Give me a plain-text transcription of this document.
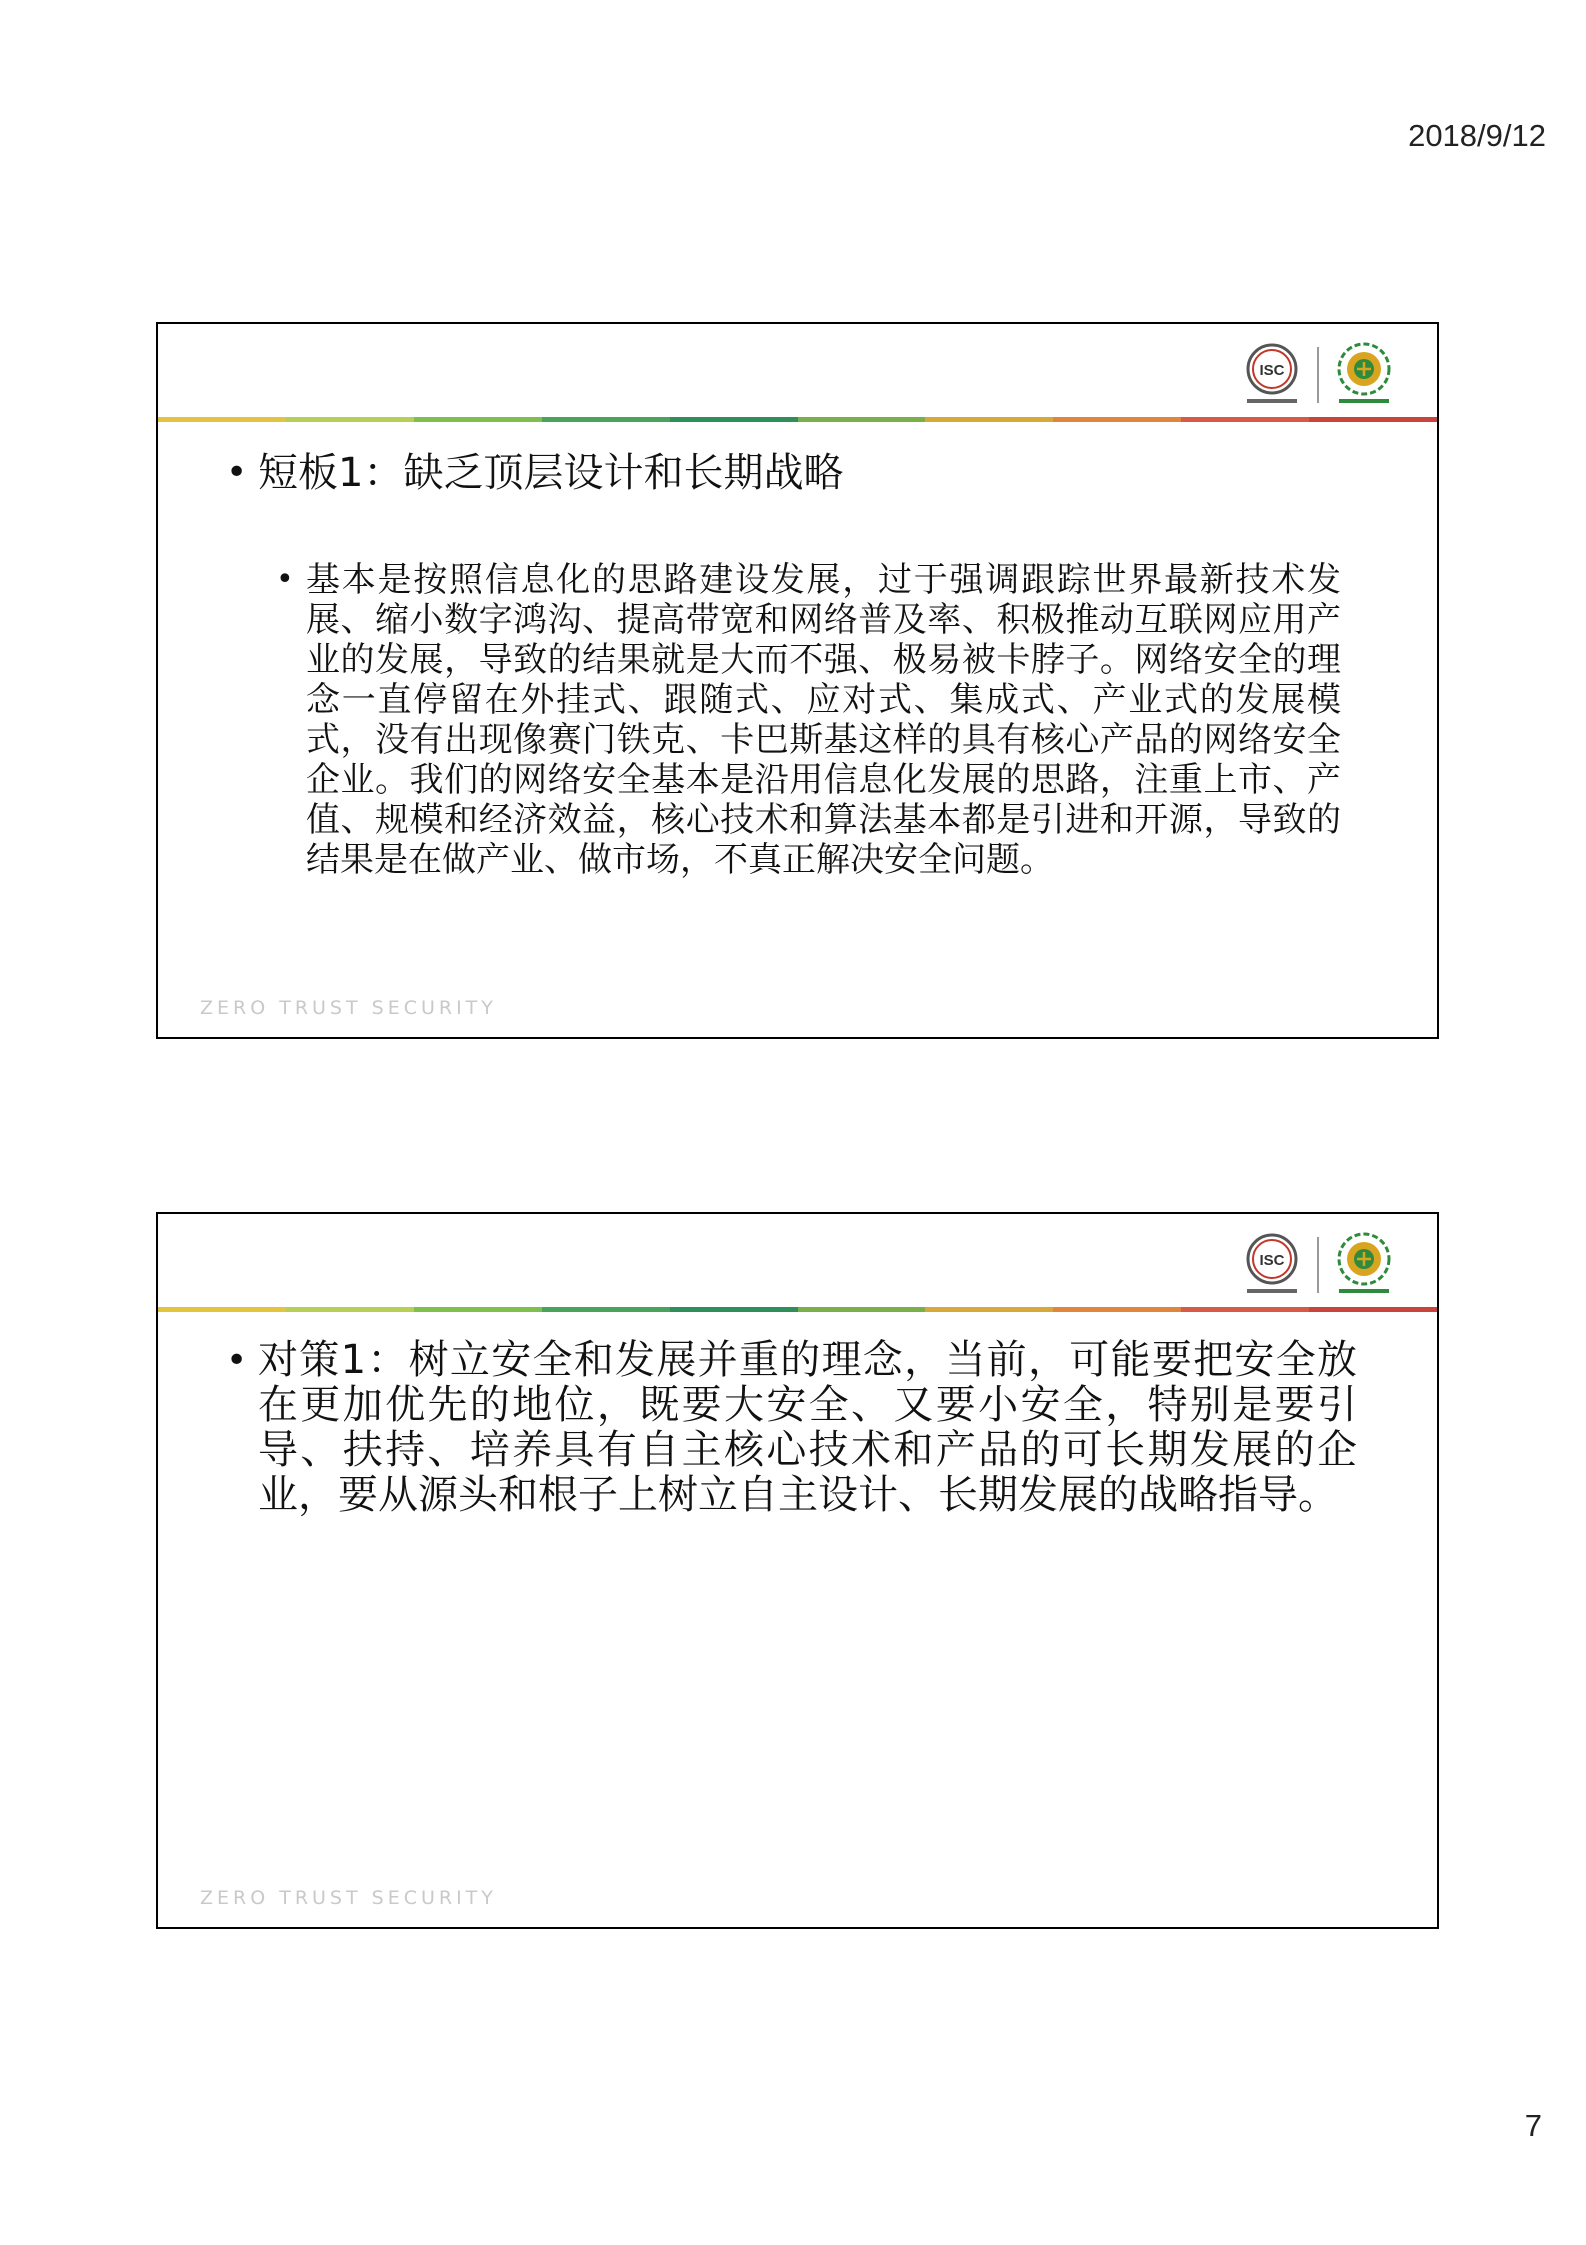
2018/9/12
ISC
• 短板1：缺乏顶层设计和长期战略
• 基本是按照信息化的思路建设发展，过于强调跟踪世界最新技术发展、缩小数字鸿沟、提高带宽和网络普及率、积极推动互联网应用产业的发展，导致的结果就是大而不强、极易被卡脖子。网络安全的理念一直停留在外挂式、跟随式、应对式、集成式、产业式的发展模式，没有出现像赛门铁克、卡巴斯基这样的具有核心产品的网络安全企业。我们的网络安全基本是沿用信息化发展的思路，注重上市、产值、规模和经济效益，核心技术和算法基本都是引进和开源，导致的结果是在做产业、做市场，不真正解决安全问题。
ZERO TRUST SECURITY
ISC
• 对策1：树立安全和发展并重的理念，当前，可能要把安全放在更加优先的地位，既要大安全、又要小安全，特别是要引导、扶持、培养具有自主核心技术和产品的可长期发展的企业，要从源头和根子上树立自主设计、长期发展的战略指导。
ZERO TRUST SECURITY
7
